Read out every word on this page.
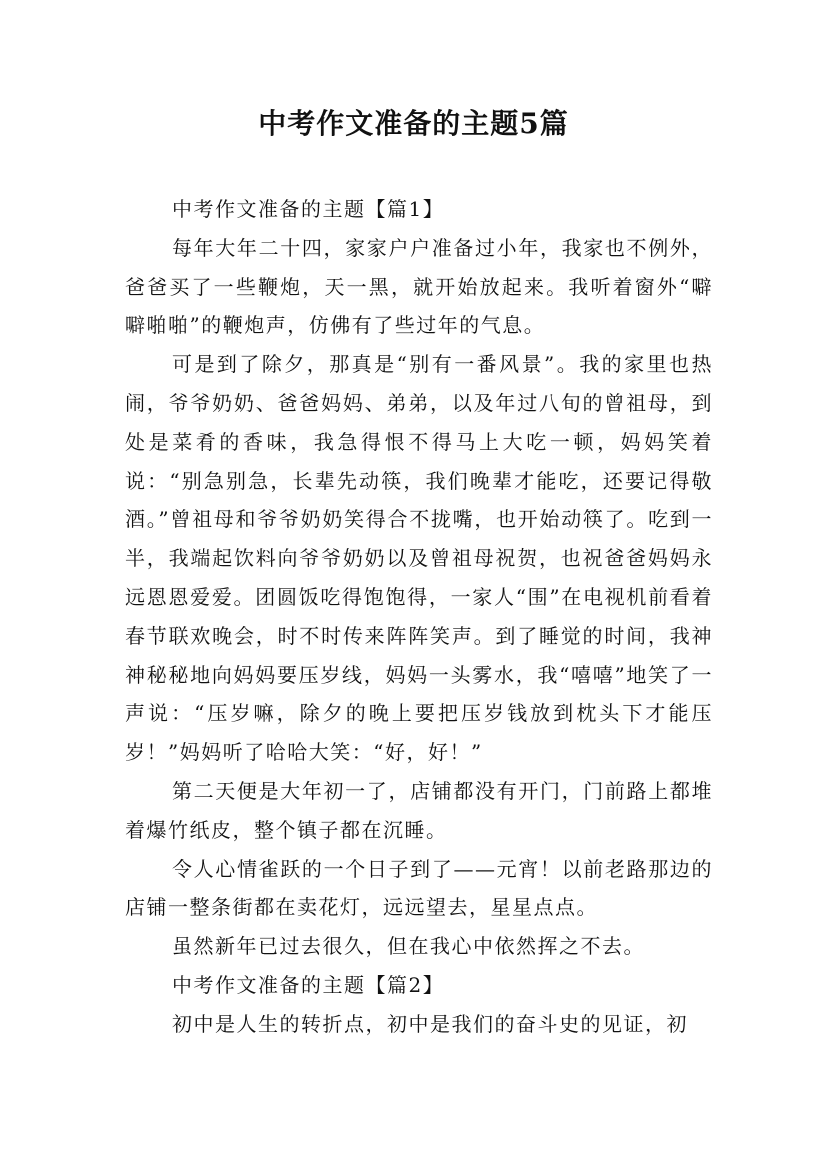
中考作文准备的主题5篇

中考作文准备的主题【篇1】

每年大年二十四，家家户户准备过小年，我家也不例外，爸爸买了一些鞭炮，天一黑，就开始放起来。我听着窗外“噼噼啪啪”的鞭炮声，仿佛有了些过年的气息。

可是到了除夕，那真是“别有一番风景”。我的家里也热闹，爷爷奶奶、爸爸妈妈、弟弟，以及年过八旬的曾祖母，到处是菜肴的香味，我急得恨不得马上大吃一顿，妈妈笑着说：“别急别急，长辈先动筷，我们晚辈才能吃，还要记得敬酒。”曾祖母和爷爷奶奶笑得合不拢嘴，也开始动筷了。吃到一半，我端起饮料向爷爷奶奶以及曾祖母祝贺，也祝爸爸妈妈永远恩恩爱爱。团圆饭吃得饱饱得，一家人“围”在电视机前看着春节联欢晚会，时不时传来阵阵笑声。到了睡觉的时间，我神神秘秘地向妈妈要压岁线，妈妈一头雾水，我“嘻嘻”地笑了一声说：“压岁嘛，除夕的晚上要把压岁钱放到枕头下才能压岁！”妈妈听了哈哈大笑：“好，好！”

第二天便是大年初一了，店铺都没有开门，门前路上都堆着爆竹纸皮，整个镇子都在沉睡。

令人心情雀跃的一个日子到了——元宵！以前老路那边的店铺一整条街都在卖花灯，远远望去，星星点点。

虽然新年已过去很久，但在我心中依然挥之不去。

中考作文准备的主题【篇2】

初中是人生的转折点，初中是我们的奋斗史的见证，初
